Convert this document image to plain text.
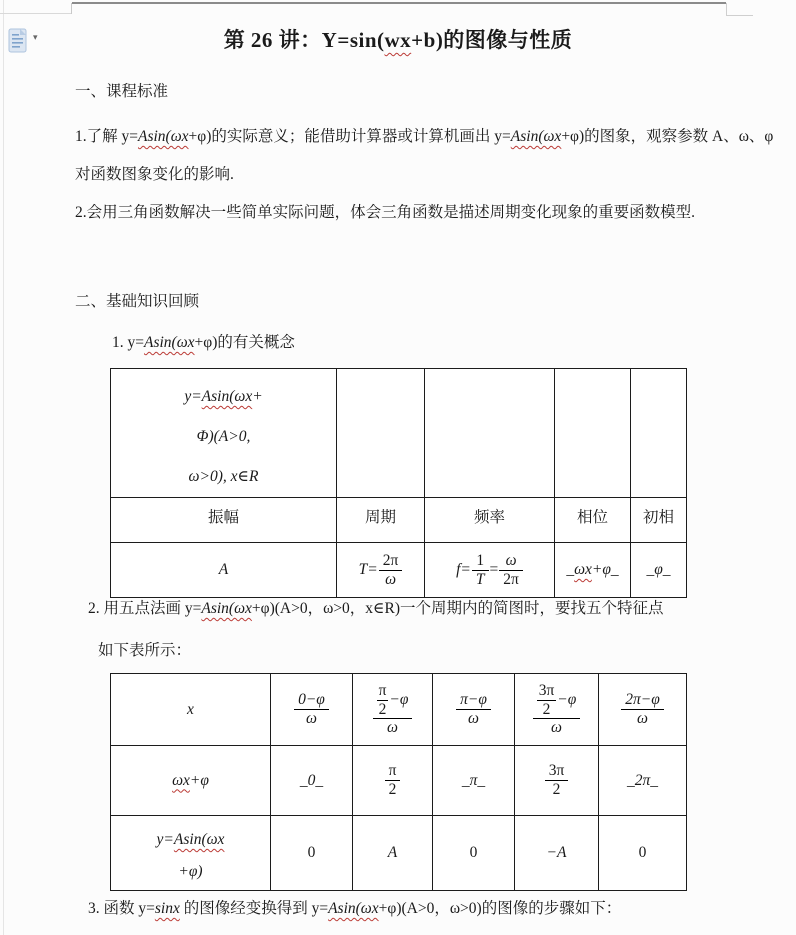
▾	第 26 讲：Y=sin(wx+b)的图像与性质
一、课程标准
1.了解 y=Asin(ωx+φ)的实际意义；能借助计算器或计算机画出 y=Asin(ωx+φ)的图象，观察参数 A、ω、φ
对函数图象变化的影响.
2.会用三角函数解决一些简单实际问题，体会三角函数是描述周期变化现象的重要函数模型.
二、基础知识回顾
1. y=Asin(ωx+φ)的有关概念
y=Asin(ωx+
Φ)(A>0,
ω>0), x∈R				

振幅	周期	频率	相位	初相
A	$T= \frac{2\pi}{\omega}$	$f= \frac{1}{T} = \frac{\omega}{2\pi}$	_ωx+φ_	_φ_
2. 用五点法画 y=Asin(ωx+φ)(A>0，ω>0，x∈R)一个周期内的简图时，要找五个特征点
如下表所示：
x	$\frac{0-\varphi}{\omega}$	$\frac{\frac{\pi}{2} -\varphi}{\omega}$	$\frac{\pi-\varphi}{\omega}$	$\frac{\frac{3\pi}{2} -\varphi}{\omega}$	$\frac{2\pi-\varphi}{\omega}$

ωx+φ	_0_	$\frac{\pi}{2}$	_π_	$\frac{3\pi}{2}$	_2π_

y=Asin(ωx
+φ)	0	A	0	−A	0
3. 函数 y=sinx 的图像经变换得到 y=Asin(ωx+φ)(A>0，ω>0)的图像的步骤如下：
